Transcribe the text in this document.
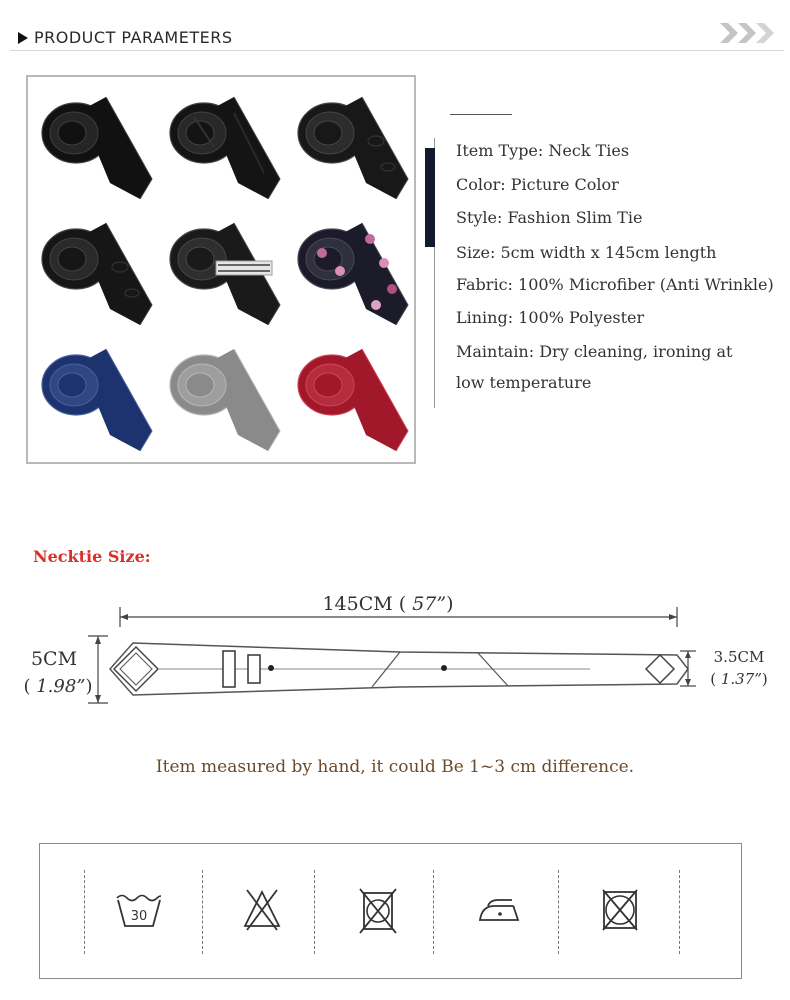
PRODUCT PARAMETERS
Item Type: Neck Ties
Color: Picture Color
Style: Fashion Slim Tie
Size: 5cm width x 145cm length
Fabric: 100% Microfiber (Anti Wrinkle)
Lining: 100% Polyester
Maintain: Dry cleaning, ironing at
low temperature
Necktie Size:
145CM ( 57”)
5CM
( 1.98”)
3.5CM
( 1.37”)
Item measured by hand, it could Be 1~3 cm difference.
30
